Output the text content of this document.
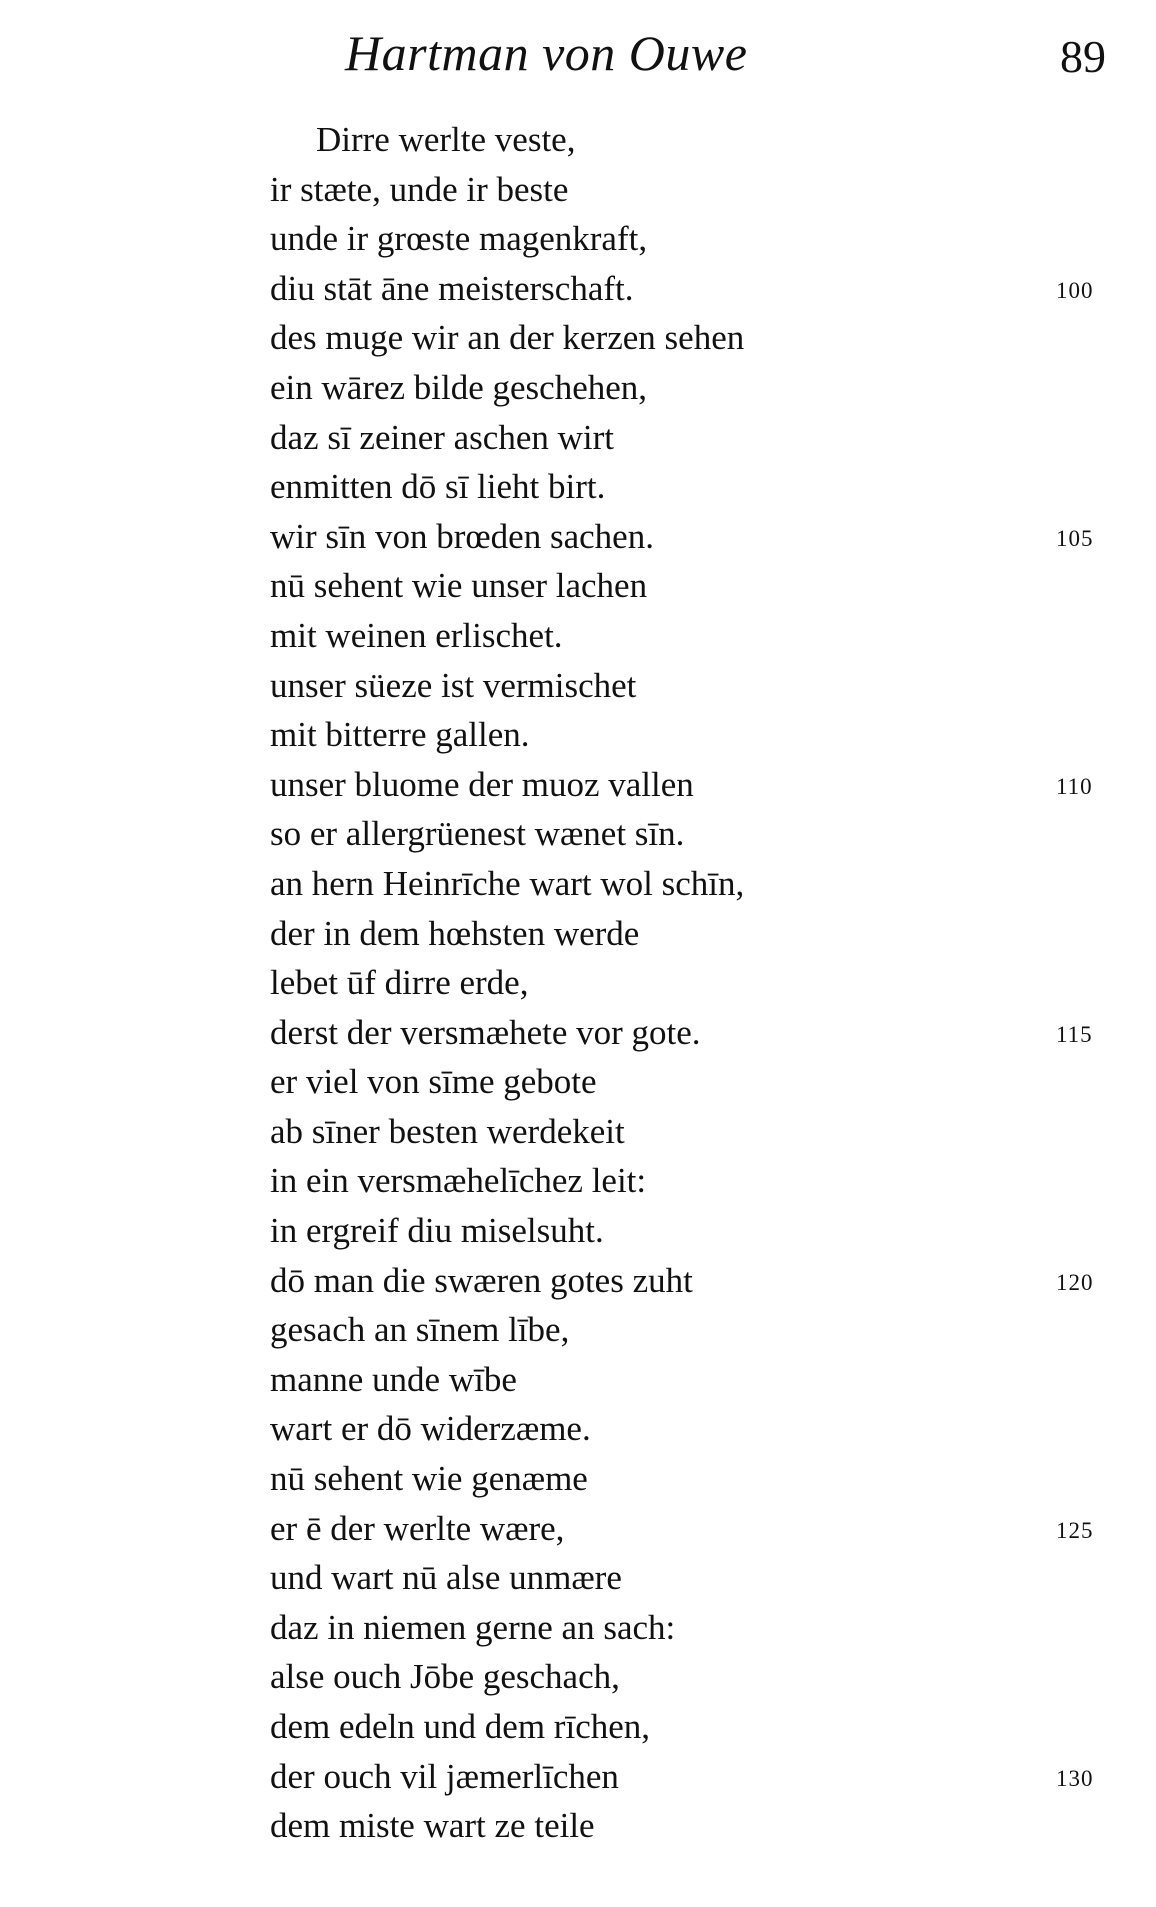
Hartman von Ouwe	89
Dirre werlte veste,
ir stæte, unde ir beste
unde ir grœste magenkraft,
diu stāt āne meisterschaft.	100
des muge wir an der kerzen sehen
ein wārez bilde geschehen,
daz sī zeiner aschen wirt
enmitten dō sī lieht birt.
wir sīn von brœden sachen.	105
nū sehent wie unser lachen
mit weinen erlischet.
unser süeze ist vermischet
mit bitterre gallen.
unser bluome der muoz vallen	110
so er allergrüenest wænet sīn.
an hern Heinrīche wart wol schīn,
der in dem hœhsten werde
lebet ūf dirre erde,
derst der versmæhete vor gote.	115
er viel von sīme gebote
ab sīner besten werdekeit
in ein versmæhelīchez leit:
in ergreif diu miselsuht.
dō man die swæren gotes zuht	120
gesach an sīnem lībe,
manne unde wībe
wart er dō widerzæme.
nū sehent wie genæme
er ē der werlte wære,	125
und wart nū alse unmære
daz in niemen gerne an sach:
alse ouch Jōbe geschach,
dem edeln und dem rīchen,
der ouch vil jæmerlīchen	130
dem miste wart ze teile
